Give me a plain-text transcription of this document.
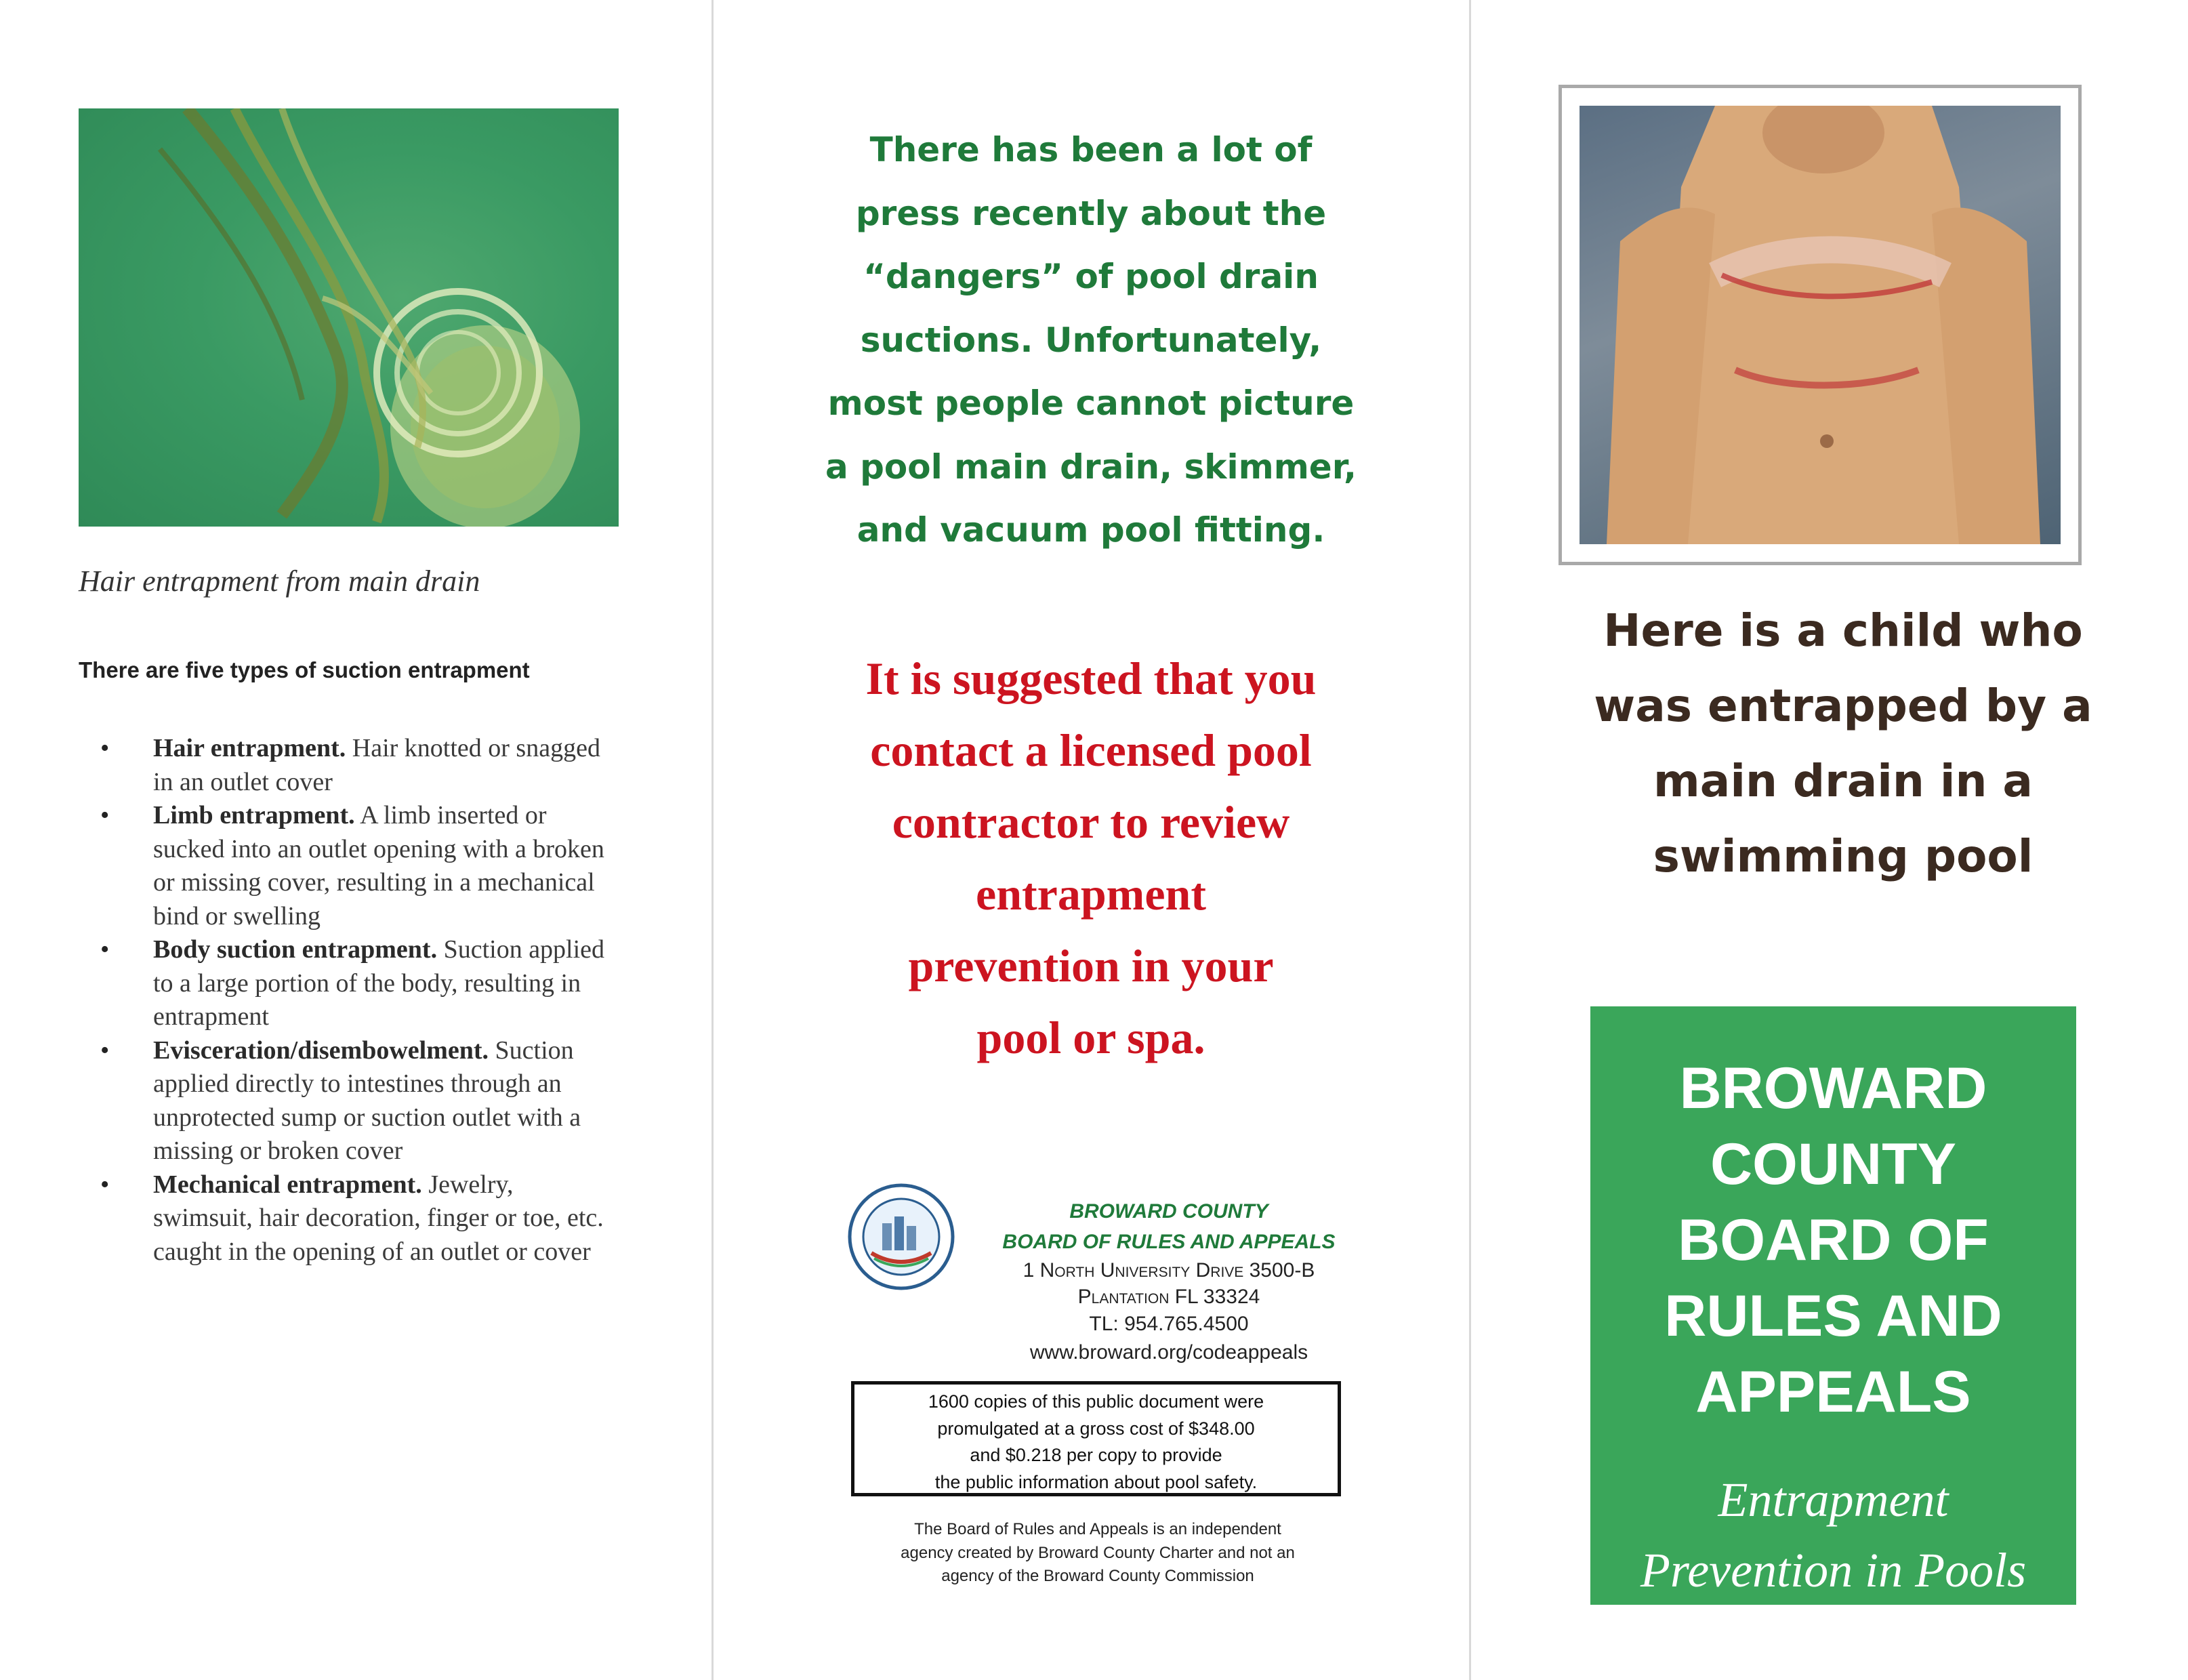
Hair entrapment from main drain
There are five types of suction entrapment
• Hair entrapment. Hair knotted or snagged in an outlet cover
• Limb entrapment. A limb inserted or sucked into an outlet opening with a broken or missing cover, resulting in a mechanical bind or swelling
• Body suction entrapment. Suction applied to a large portion of the body, resulting in entrapment
• Evisceration/disembowelment. Suction applied directly to intestines through an unprotected sump or suction outlet with a missing or broken cover
• Mechanical entrapment. Jewelry, swimsuit, hair decoration, finger or toe, etc. caught in the opening of an outlet or cover
There has been a lot of
press recently about the
“dangers” of pool drain
suctions. Unfortunately,
most people cannot picture
a pool main drain, skimmer,
and vacuum pool fitting.
It is suggested that you
contact a licensed pool
contractor to review
entrapment
prevention in your
pool or spa.
BROWARD COUNTY
BOARD OF RULES AND APPEALS
1 North University Drive 3500-B
Plantation FL 33324
TL: 954.765.4500
www.broward.org/codeappeals
1600 copies of this public document were
promulgated at a gross cost of $348.00
and $0.218 per copy to provide
the public information about pool safety.
The Board of Rules and Appeals is an independent
agency created by Broward County Charter and not an
agency of the Broward County Commission
Here is a child who
was entrapped by a
main drain in a
swimming pool
BROWARD
COUNTY
BOARD OF
RULES AND
APPEALS
Entrapment
Prevention in Pools
